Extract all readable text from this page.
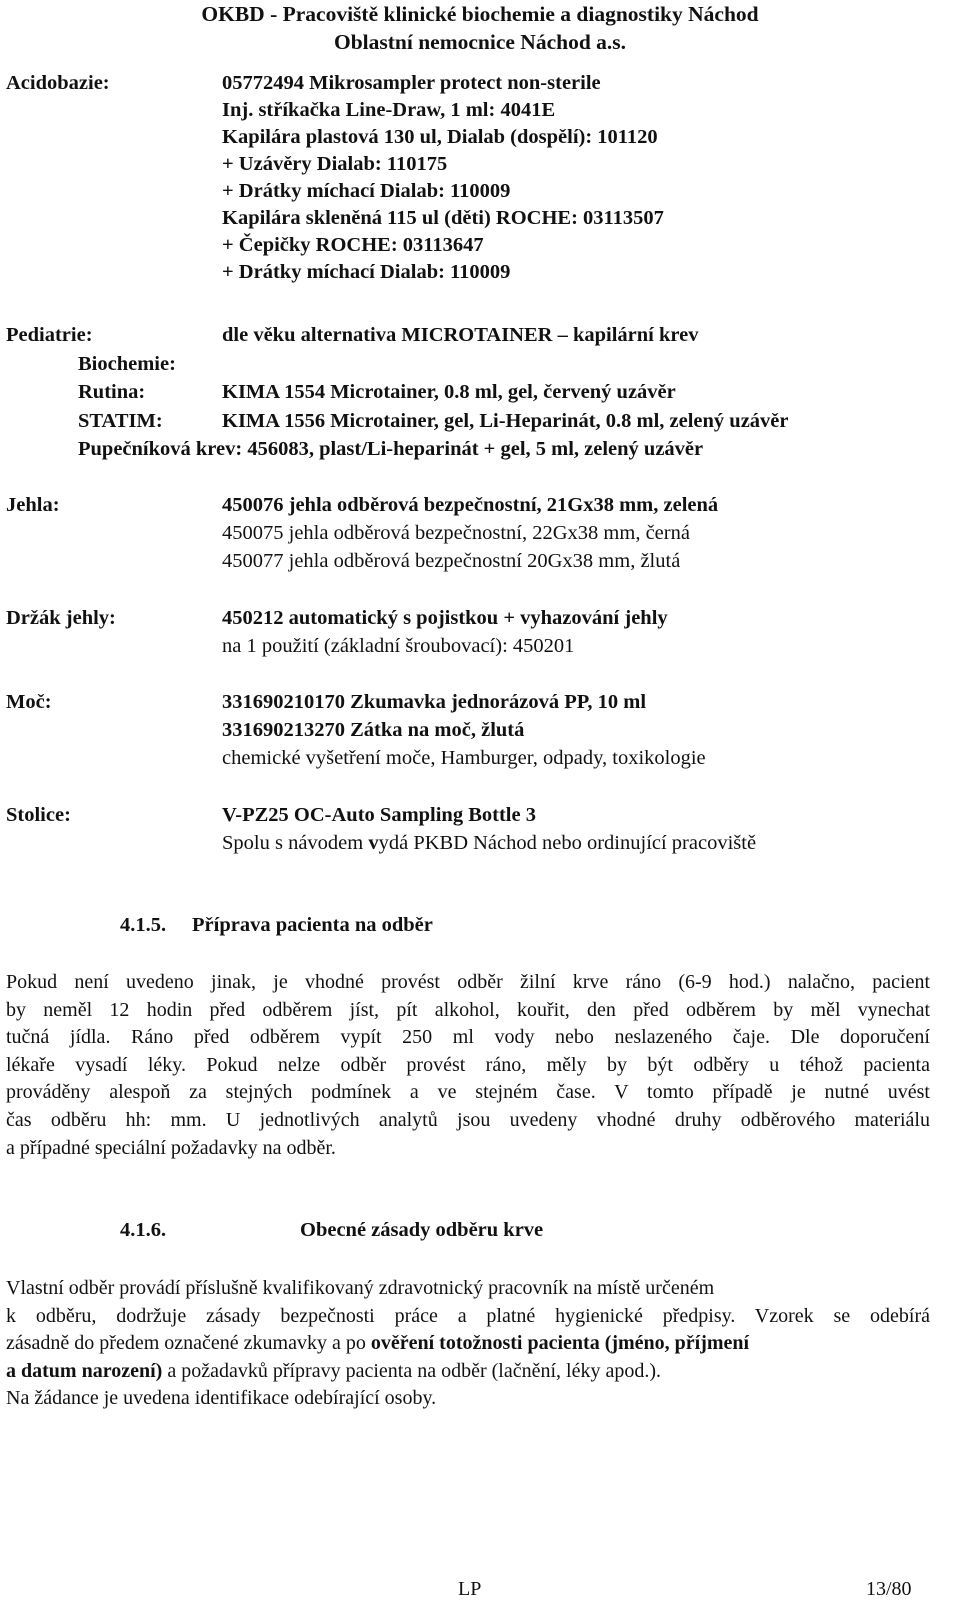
OKBD - Pracoviště klinické biochemie a diagnostiky Náchod
Oblastní nemocnice Náchod a.s.
Acidobazie:	05772494 Mikrosampler protect non-sterile
Inj. stříkačka Line-Draw, 1 ml: 4041E
Kapilára plastová 130 ul, Dialab (dospělí): 101120
+ Uzávěry Dialab: 110175
+ Drátky míchací Dialab: 110009
Kapilára skleněná 115 ul (děti) ROCHE: 03113507
+ Čepičky ROCHE: 03113647
+ Drátky míchací Dialab: 110009
Pediatrie:	dle věku alternativa MICROTAINER – kapilární krev
Biochemie:
Rutina:	KIMA 1554 Microtainer, 0.8 ml, gel, červený uzávěr
STATIM:	KIMA 1556 Microtainer, gel, Li-Heparinát, 0.8 ml, zelený uzávěr
Pupečníková krev: 456083, plast/Li-heparinát + gel, 5 ml, zelený uzávěr
Jehla:	450076 jehla odběrová bezpečnostní, 21Gx38 mm, zelená
450075 jehla odběrová bezpečnostní, 22Gx38 mm, černá
450077 jehla odběrová bezpečnostní 20Gx38 mm, žlutá
Držák jehly:	450212 automatický s pojistkou + vyhazování jehly
na 1 použití (základní šroubovací): 450201
Moč:	331690210170 Zkumavka jednorázová PP, 10 ml
331690213270 Zátka na moč, žlutá
chemické vyšetření moče, Hamburger, odpady, toxikologie
Stolice:	V-PZ25 OC-Auto Sampling Bottle 3
Spolu s návodem vydá PKBD Náchod nebo ordinující pracoviště
4.1.5. Příprava pacienta na odběr
Pokud není uvedeno jinak, je vhodné provést odběr žilní krve ráno (6-9 hod.) nalačno, pacient
by neměl 12 hodin před odběrem jíst, pít alkohol, kouřit, den před odběrem by měl vynechat
tučná jídla. Ráno před odběrem vypít 250 ml vody nebo neslazeného čaje. Dle doporučení
lékaře vysadí léky. Pokud nelze odběr provést ráno, měly by být odběry u téhož pacienta
prováděny alespoň za stejných podmínek a ve stejném čase. V tomto případě je nutné uvést
čas odběru hh: mm. U jednotlivých analytů jsou uvedeny vhodné druhy odběrového materiálu
a případné speciální požadavky na odběr.
4.1.6.	Obecné zásady odběru krve
Vlastní odběr provádí příslušně kvalifikovaný zdravotnický pracovník na místě určeném
k odběru, dodržuje zásady bezpečnosti práce a platné hygienické předpisy. Vzorek se odebírá
zásadně do předem označené zkumavky a po ověření totožnosti pacienta (jméno, příjmení
a datum narození) a požadavků přípravy pacienta na odběr (lačnění, léky apod.).
Na žádance je uvedena identifikace odebírající osoby.
LP	13/80
